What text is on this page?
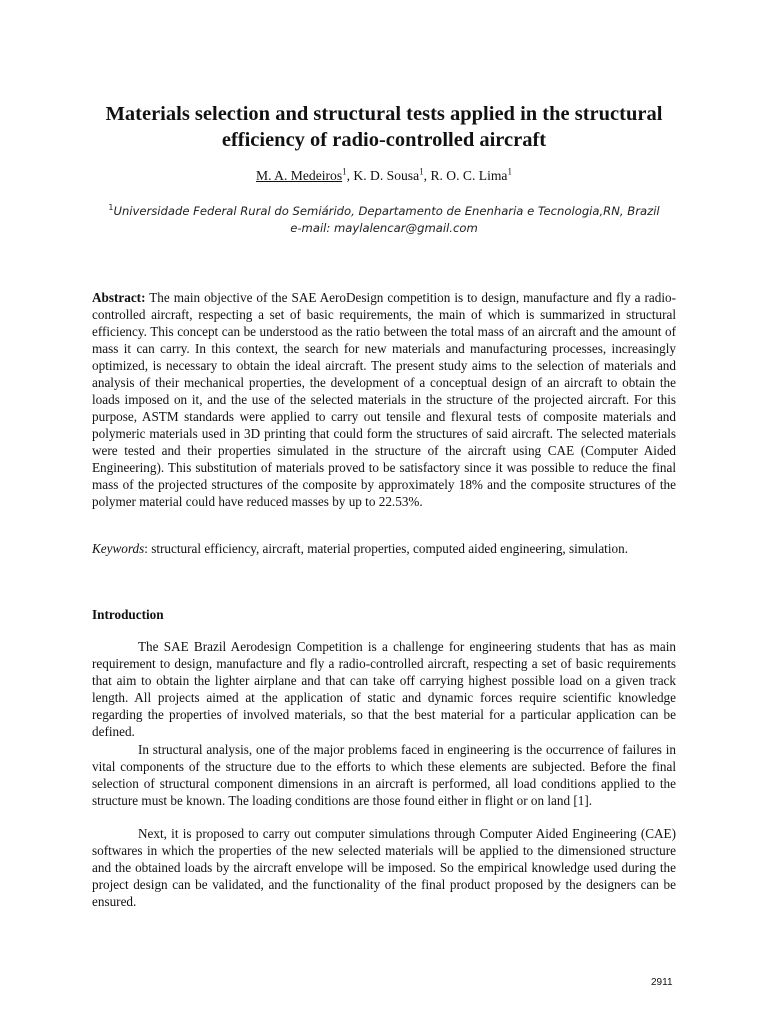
Materials selection and structural tests applied in the structural efficiency of radio-controlled aircraft
M. A. Medeiros$^1$, K. D. Sousa$^1$, R. O. C. Lima$^1$
$^1$Universidade Federal Rural do Semiárido, Departamento de Enenharia e Tecnologia,RN, Brazil
e-mail: maylalencar@gmail.com
Abstract: The main objective of the SAE AeroDesign competition is to design, manufacture and fly a radio-controlled aircraft, respecting a set of basic requirements, the main of which is summarized in structural efficiency. This concept can be understood as the ratio between the total mass of an aircraft and the amount of mass it can carry. In this context, the search for new materials and manufacturing processes, increasingly optimized, is necessary to obtain the ideal aircraft. The present study aims to the selection of materials and analysis of their mechanical properties, the development of a conceptual design of an aircraft to obtain the loads imposed on it, and the use of the selected materials in the structure of the projected aircraft. For this purpose, ASTM standards were applied to carry out tensile and flexural tests of composite materials and polymeric materials used in 3D printing that could form the structures of said aircraft. The selected materials were tested and their properties simulated in the structure of the aircraft using CAE (Computer Aided Engineering). This substitution of materials proved to be satisfactory since it was possible to reduce the final mass of the projected structures of the composite by approximately 18% and the composite structures of the polymer material could have reduced masses by up to 22.53%.
Keywords: structural efficiency, aircraft, material properties, computed aided engineering, simulation.
Introduction

The SAE Brazil Aerodesign Competition is a challenge for engineering students that has as main requirement to design, manufacture and fly a radio-controlled aircraft, respecting a set of basic requirements that aim to obtain the lighter airplane and that can take off carrying highest possible load on a given track length. All projects aimed at the application of static and dynamic forces require scientific knowledge regarding the properties of involved materials, so that the best material for a particular application can be defined.

In structural analysis, one of the major problems faced in engineering is the occurrence of failures in vital components of the structure due to the efforts to which these elements are subjected. Before the final selection of structural component dimensions in an aircraft is performed, all load conditions applied to the structure must be known. The loading conditions are those found either in flight or on land [1].

Next, it is proposed to carry out computer simulations through Computer Aided Engineering (CAE) softwares in which the properties of the new selected materials will be applied to the dimensioned structure and the obtained loads by the aircraft envelope will be imposed. So the empirical knowledge used during the project design can be validated, and the functionality of the final product proposed by the designers can be ensured.

2911
